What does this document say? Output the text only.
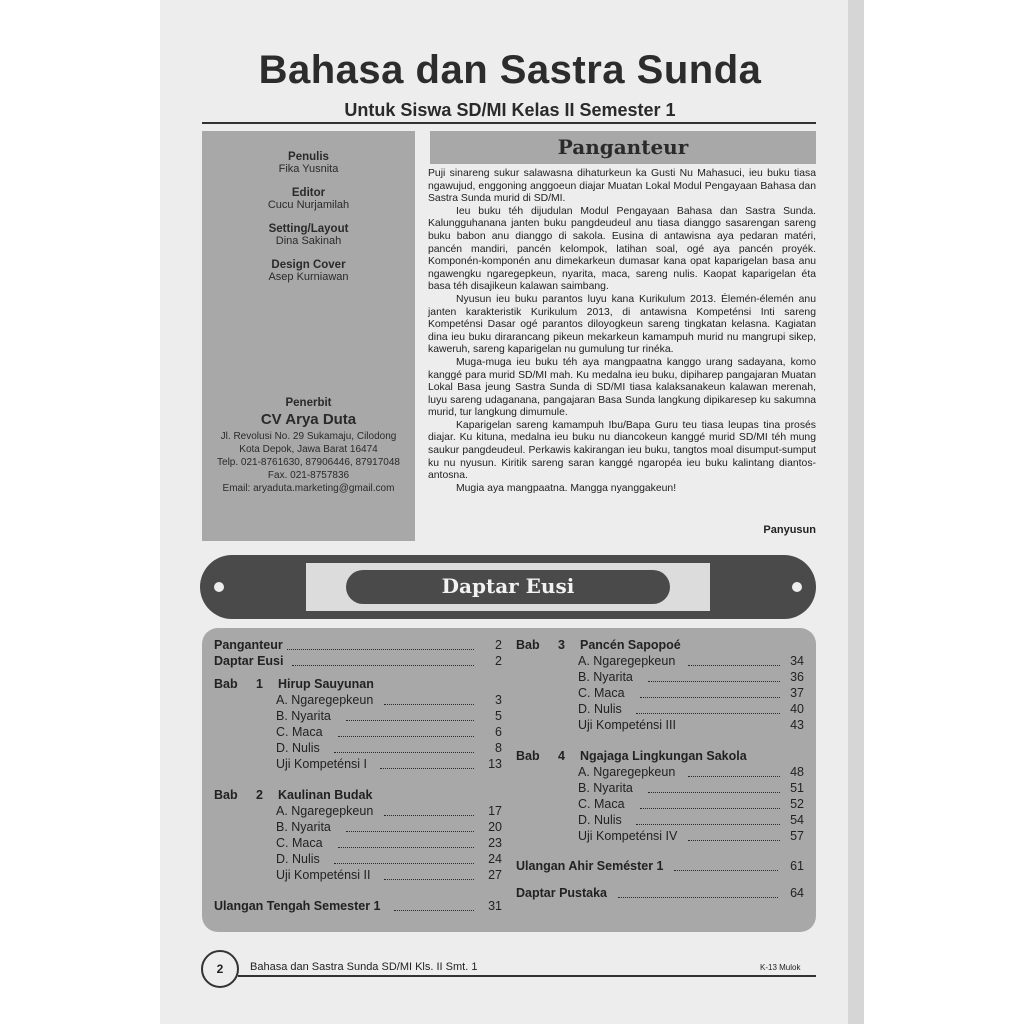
Bahasa dan Sastra Sunda
Untuk Siswa SD/MI Kelas II Semester 1
Penulis
Fika Yusnita
Editor
Cucu Nurjamilah
Setting/Layout
Dina Sakinah
Design Cover
Asep Kurniawan
Penerbit
CV Arya Duta
Jl. Revolusi No. 29 Sukamaju, Cilodong
Kota Depok, Jawa Barat 16474
Telp. 021-8761630, 87906446, 87917048
Fax. 021-8757836
Email: aryaduta.marketing@gmail.com
Panganteur

Puji sinareng sukur salawasna dihaturkeun ka Gusti Nu Mahasuci, ieu buku tiasa ngawujud, enggoning anggoeun diajar Muatan Lokal Modul Pengayaan Bahasa dan Sastra Sunda murid di SD/MI.

Ieu buku téh dijudulan Modul Pengayaan Bahasa dan Sastra Sunda. Kalungguhanana janten buku pangdeudeul anu tiasa dianggo sasarengan sareng buku babon anu dianggo di sakola. Eusina di antawisna aya pedaran matéri, pancén mandiri, pancén kelompok, latihan soal, ogé aya pancén proyék. Komponén-komponén anu dimekarkeun dumasar kana opat kaparigelan basa anu ngawengku ngaregepkeun, nyarita, maca, sareng nulis. Kaopat kaparigelan éta basa téh disajikeun kalawan saimbang.

Nyusun ieu buku parantos luyu kana Kurikulum 2013. Élemén-élemén anu janten karakteristik Kurikulum 2013, di antawisna Kompeténsi Inti sareng Kompeténsi Dasar ogé parantos diloyogkeun sareng tingkatan kelasna. Kagiatan dina ieu buku dirarancang pikeun mekarkeun kamampuh murid nu mangrupi sikep, kaweruh, sareng kaparigelan nu gumulung tur rinéka.

Muga-muga ieu buku téh aya mangpaatna kanggo urang sadayana, komo kanggé para murid SD/MI mah. Ku medalna ieu buku, dipiharep pangajaran Muatan Lokal Basa jeung Sastra Sunda di SD/MI tiasa kalaksanakeun kalawan merenah, luyu sareng udaganana, pangajaran Basa Sunda langkung dipikaresep ku sakumna murid, tur langkung dimumule.

Kaparigelan sareng kamampuh Ibu/Bapa Guru teu tiasa leupas tina prosés diajar. Ku kituna, medalna ieu buku nu diancokeun kanggé murid SD/MI téh mung saukur pangdeudeul. Perkawis kakirangan ieu buku, tangtos moal disumput-sumput ku nu nyusun. Kiritik sareng saran kanggé ngaropéa ieu buku kalintang diantos-antosna.

Mugia aya mangpaatna. Mangga nyanggakeun!

Panyusun
Daptar Eusi
Panganteur	2
Daptar Eusi	2
Bab 1 Hirup Sauyunan
A. Ngaregepkeun	3
B. Nyarita	5
C. Maca	6
D. Nulis	8
Uji Kompeténsi I	13
Bab 2 Kaulinan Budak
A. Ngaregepkeun	17
B. Nyarita	20
C. Maca	23
D. Nulis	24
Uji Kompeténsi II	27
Ulangan Tengah Semester 1	31
Bab 3 Pancén Sapopoé
A. Ngaregepkeun	34
B. Nyarita	36
C. Maca	37
D. Nulis	40
Uji Kompeténsi III	43
Bab 4 Ngajaga Lingkungan Sakola
A. Ngaregepkeun	48
B. Nyarita	51
C. Maca	52
D. Nulis	54
Uji Kompeténsi IV	57
Ulangan Ahir Seméster 1	61
Daptar Pustaka	64
2	Bahasa dan Sastra Sunda SD/MI Kls. II Smt. 1	K-13 Mulok
